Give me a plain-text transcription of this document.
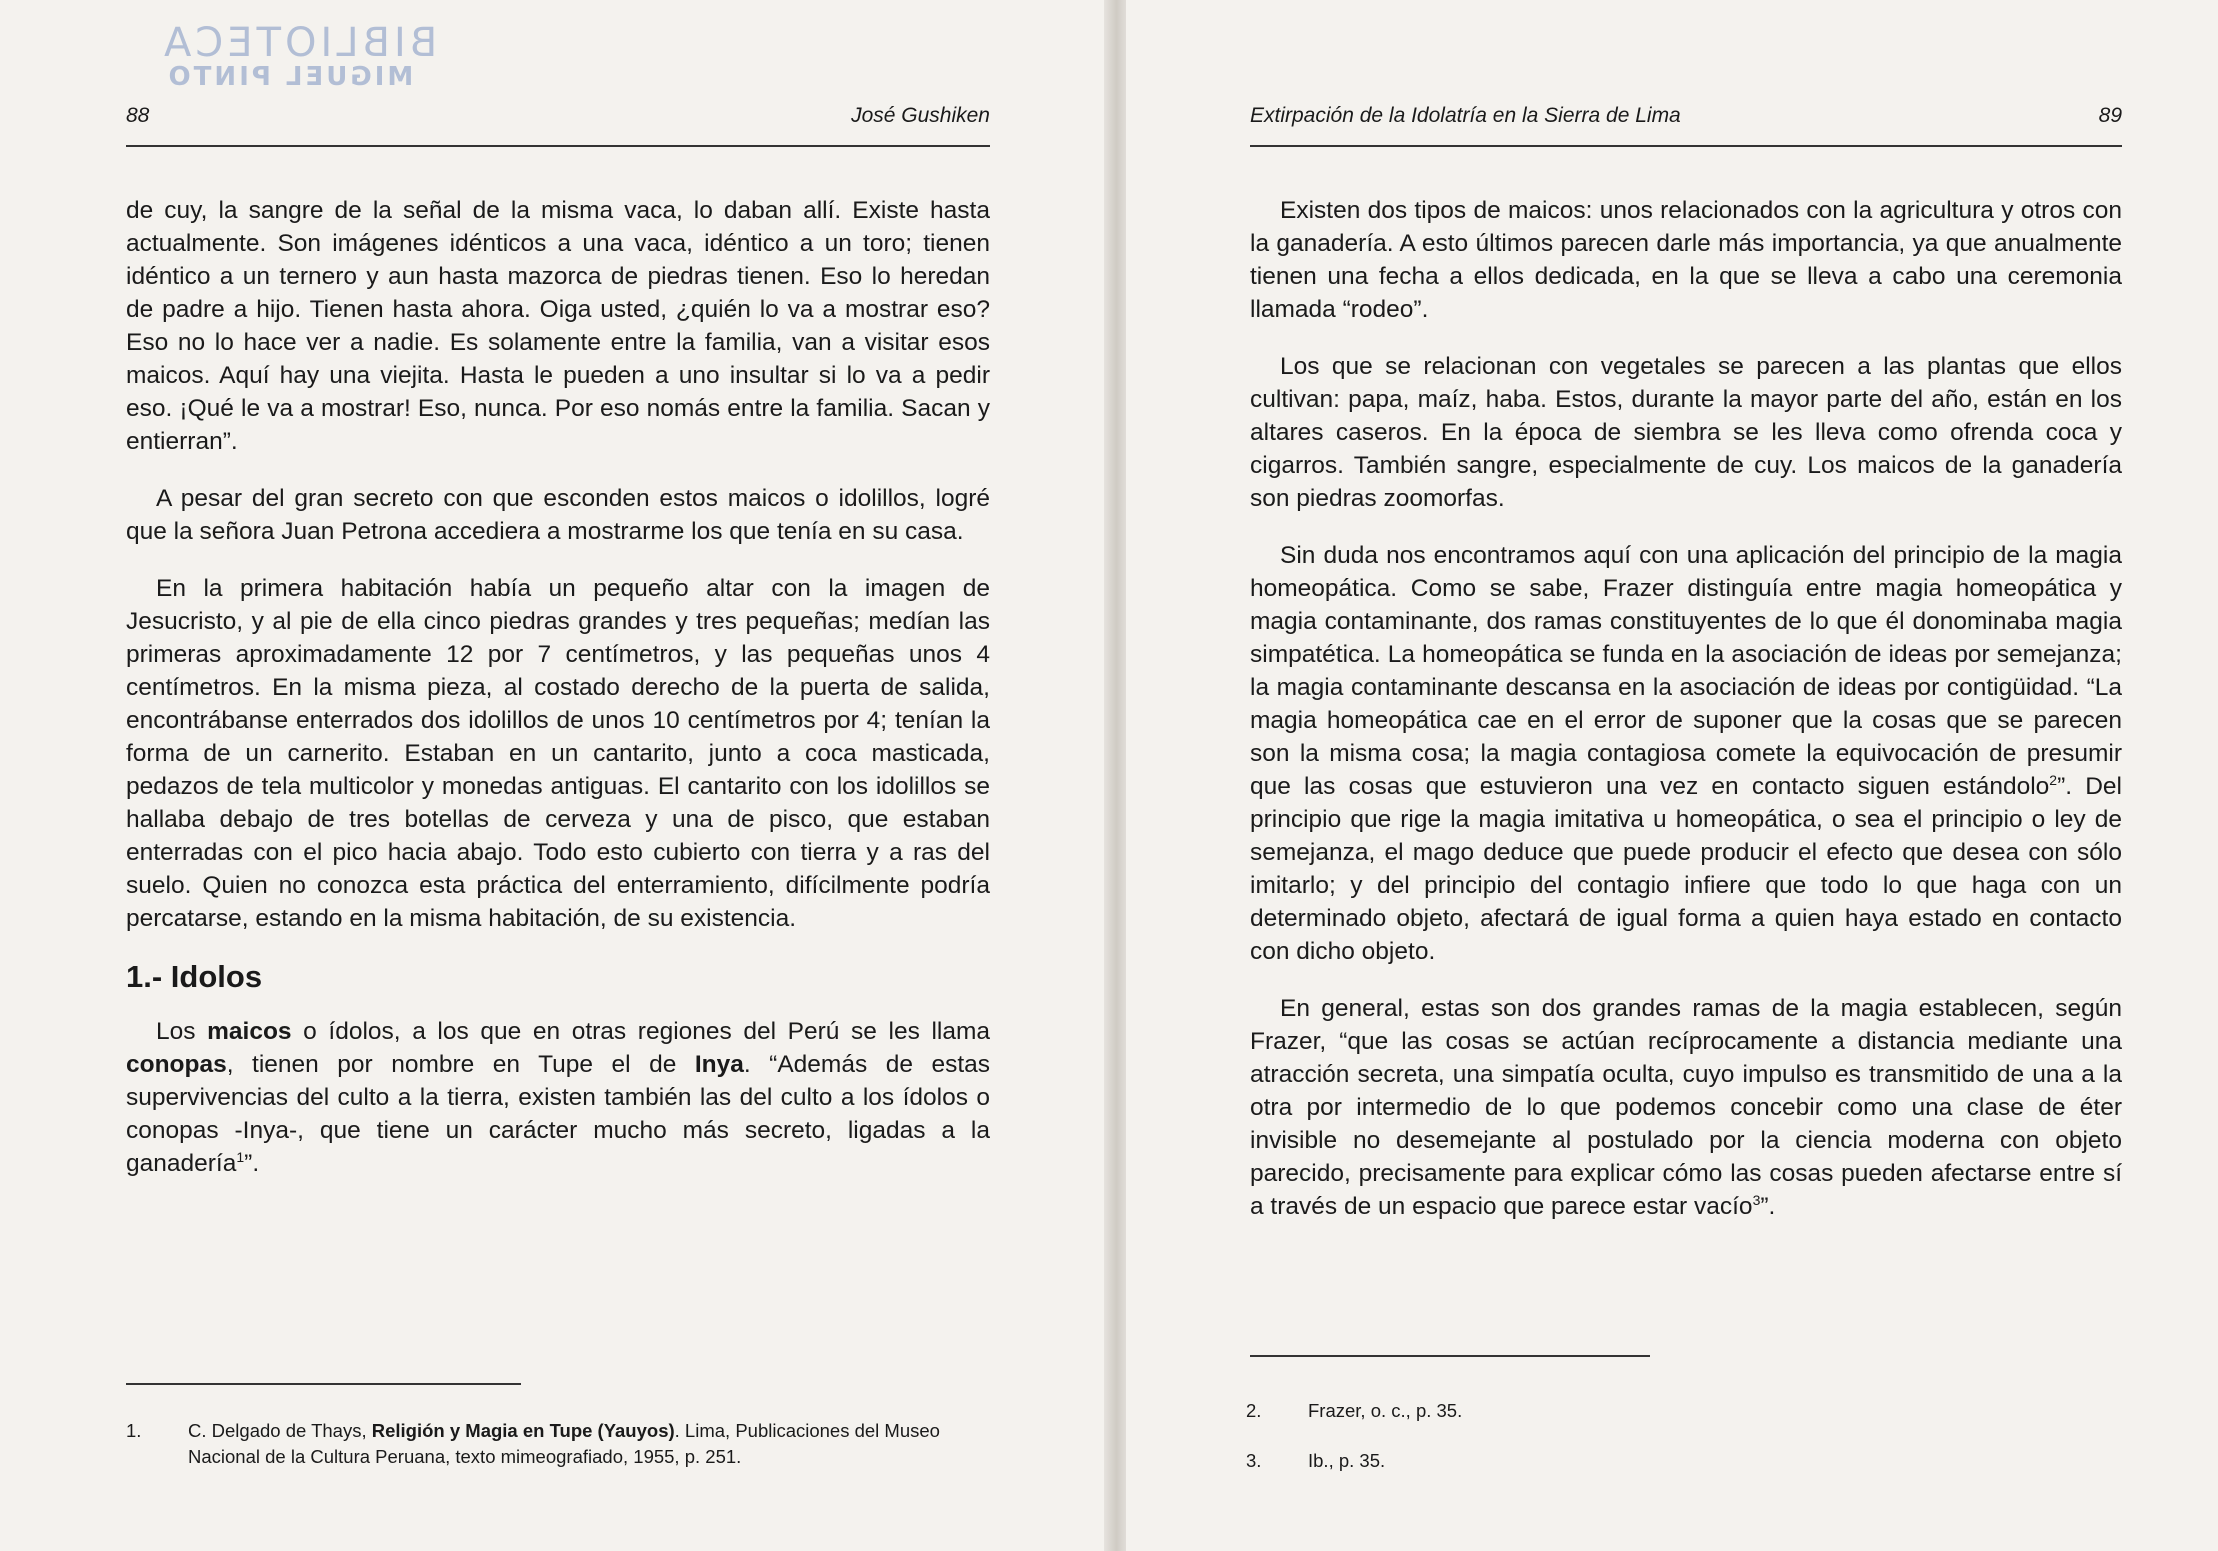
BIBLIOTECA
MIGUEL PINTO
88	José Gushiken

de cuy, la sangre de la señal de la misma vaca, lo daban allí. Existe hasta actualmente. Son imágenes idénticos a una vaca, idéntico a un toro; tienen idéntico a un ternero y aun hasta mazorca de piedras tienen. Eso lo heredan de padre a hijo. Tienen hasta ahora. Oiga usted, ¿quién lo va a mostrar eso? Eso no lo hace ver a nadie. Es solamente entre la familia, van a visitar esos maicos. Aquí hay una viejita. Hasta le pueden a uno insultar si lo va a pedir eso. ¡Qué le va a mostrar! Eso, nunca. Por eso nomás entre la familia. Sacan y entierran”.

A pesar del gran secreto con que esconden estos maicos o idolillos, logré que la señora Juan Petrona accediera a mostrarme los que tenía en su casa.

En la primera habitación había un pequeño altar con la imagen de Jesucristo, y al pie de ella cinco piedras grandes y tres pequeñas; medían las primeras aproximadamente 12 por 7 centímetros, y las pequeñas unos 4 centímetros. En la misma pieza, al costado derecho de la puerta de salida, encontrábanse enterrados dos idolillos de unos 10 centímetros por 4; tenían la forma de un carnerito. Estaban en un cantarito, junto a coca masticada, pedazos de tela multicolor y monedas antiguas. El cantarito con los idolillos se hallaba debajo de tres botellas de cerveza y una de pisco, que estaban enterradas con el pico hacia abajo. Todo esto cubierto con tierra y a ras del suelo. Quien no conozca esta práctica del enterramiento, difícilmente podría percatarse, estando en la misma habitación, de su existencia.

1.- Idolos

Los maicos o ídolos, a los que en otras regiones del Perú se les llama conopas, tienen por nombre en Tupe el de Inya. “Además de estas supervivencias del culto a la tierra, existen también las del culto a los ídolos o conopas -Inya-, que tiene un carácter mucho más secreto, ligadas a la ganadería$^1$”.

1.	C. Delgado de Thays, Religión y Magia en Tupe (Yauyos). Lima, Publicaciones del Museo Nacional de la Cultura Peruana, texto mimeografiado, 1955, p. 251.
Extirpación de la Idolatría en la Sierra de Lima	89

Existen dos tipos de maicos: unos relacionados con la agricultura y otros con la ganadería. A esto últimos parecen darle más importancia, ya que anualmente tienen una fecha a ellos dedicada, en la que se lleva a cabo una ceremonia llamada “rodeo”.

Los que se relacionan con vegetales se parecen a las plantas que ellos cultivan: papa, maíz, haba. Estos, durante la mayor parte del año, están en los altares caseros. En la época de siembra se les lleva como ofrenda coca y cigarros. También sangre, especialmente de cuy. Los maicos de la ganadería son piedras zoomorfas.

Sin duda nos encontramos aquí con una aplicación del principio de la magia homeopática. Como se sabe, Frazer distinguía entre magia homeopática y magia contaminante, dos ramas constituyentes de lo que él donominaba magia simpatética. La homeopática se funda en la asociación de ideas por semejanza; la magia contaminante descansa en la asociación de ideas por contigüidad. “La magia homeopática cae en el error de suponer que la cosas que se parecen son la misma cosa; la magia contagiosa comete la equivocación de presumir que las cosas que estuvieron una vez en contacto siguen estándolo$^2$”. Del principio que rige la magia imitativa u homeopática, o sea el principio o ley de semejanza, el mago deduce que puede producir el efecto que desea con sólo imitarlo; y del principio del contagio infiere que todo lo que haga con un determinado objeto, afectará de igual forma a quien haya estado en contacto con dicho objeto.

En general, estas son dos grandes ramas de la magia establecen, según Frazer, “que las cosas se actúan recíprocamente a distancia mediante una atracción secreta, una simpatía oculta, cuyo impulso es transmitido de una a la otra por intermedio de lo que podemos concebir como una clase de éter invisible no desemejante al postulado por la ciencia moderna con objeto parecido, precisamente para explicar cómo las cosas pueden afectarse entre sí a través de un espacio que parece estar vacío$^3$”.

2.	Frazer, o. c., p. 35.
3.	Ib., p. 35.
